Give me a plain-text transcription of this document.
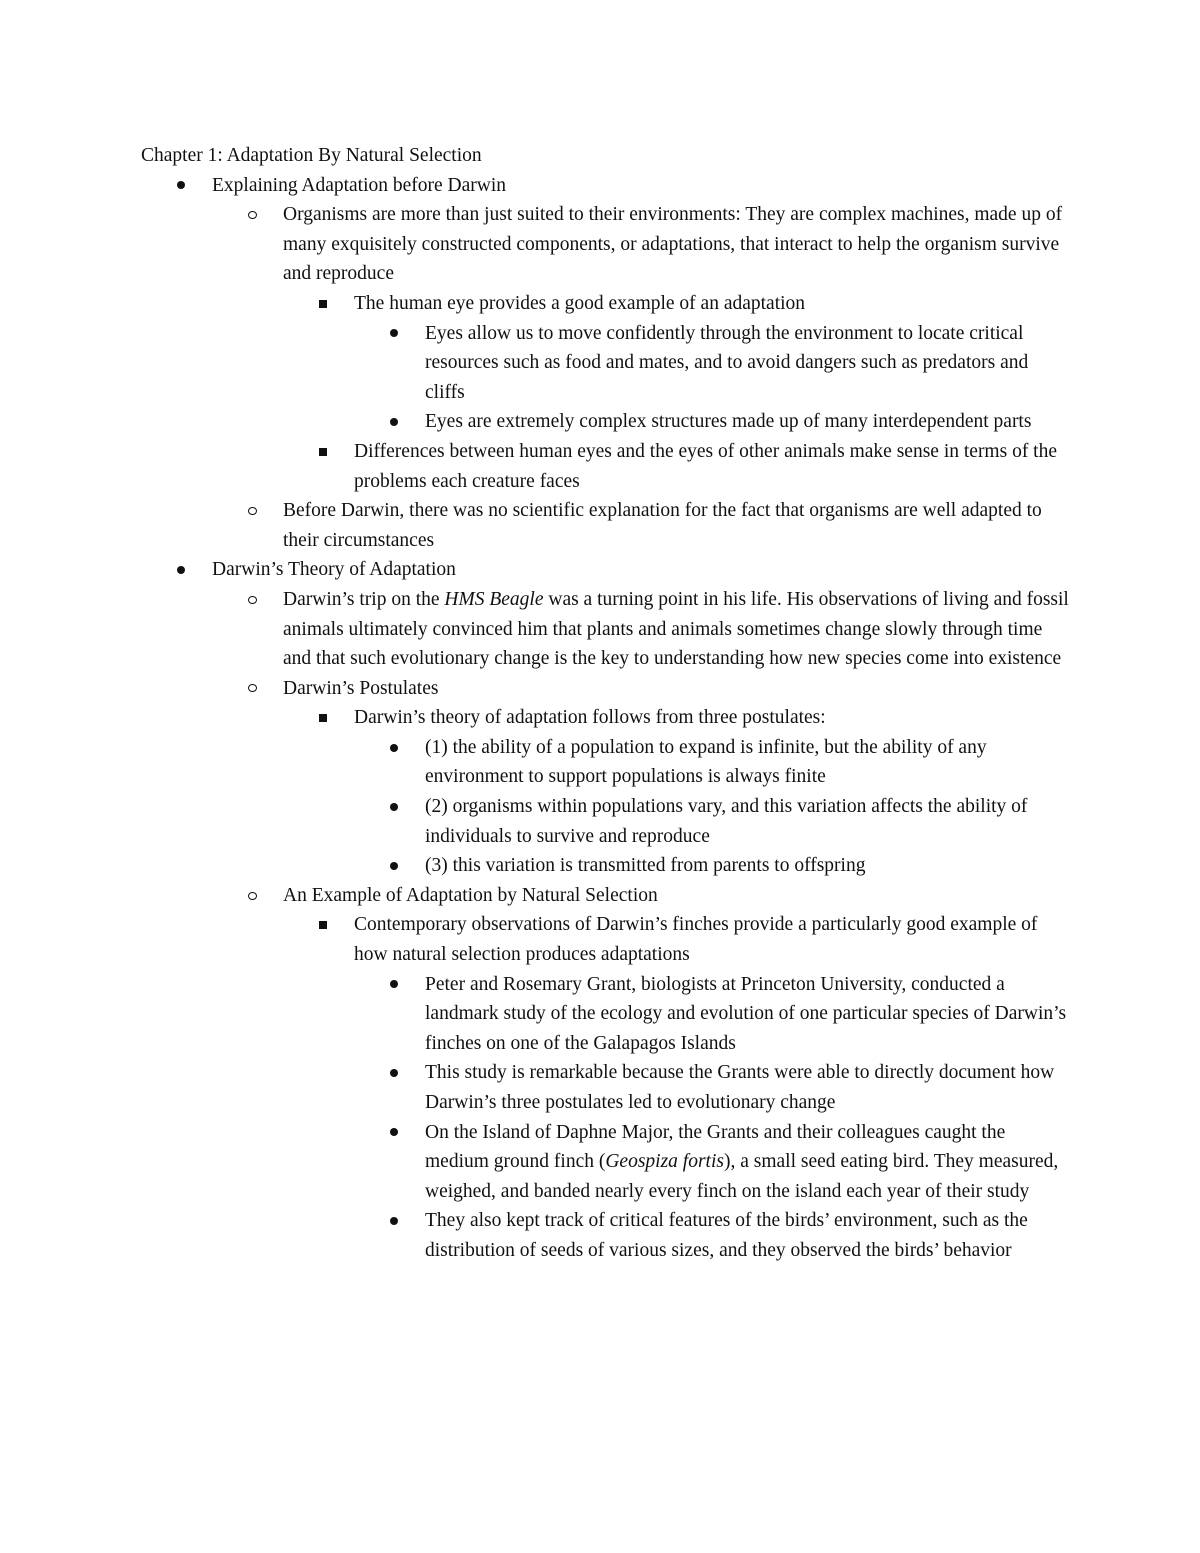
Chapter 1: Adaptation By Natural Selection
Explaining Adaptation before Darwin
Organisms are more than just suited to their environments: They are complex machines, made up of many exquisitely constructed components, or adaptations, that interact to help the organism survive and reproduce
The human eye provides a good example of an adaptation
Eyes allow us to move confidently through the environment to locate critical resources such as food and mates, and to avoid dangers such as predators and cliffs
Eyes are extremely complex structures made up of many interdependent parts
Differences between human eyes and the eyes of other animals make sense in terms of the problems each creature faces
Before Darwin, there was no scientific explanation for the fact that organisms are well adapted to their circumstances
Darwin’s Theory of Adaptation
Darwin’s trip on the HMS Beagle was a turning point in his life. His observations of living and fossil animals ultimately convinced him that plants and animals sometimes change slowly through time and that such evolutionary change is the key to understanding how new species come into existence
Darwin’s Postulates
Darwin’s theory of adaptation follows from three postulates:
(1) the ability of a population to expand is infinite, but the ability of any environment to support populations is always finite
(2) organisms within populations vary, and this variation affects the ability of individuals to survive and reproduce
(3) this variation is transmitted from parents to offspring
An Example of Adaptation by Natural Selection
Contemporary observations of Darwin’s finches provide a particularly good example of how natural selection produces adaptations
Peter and Rosemary Grant, biologists at Princeton University, conducted a landmark study of the ecology and evolution of one particular species of Darwin’s finches on one of the Galapagos Islands
This study is remarkable because the Grants were able to directly document how Darwin’s three postulates led to evolutionary change
On the Island of Daphne Major, the Grants and their colleagues caught the medium ground finch (Geospiza fortis), a small seed eating bird. They measured, weighed, and banded nearly every finch on the island each year of their study
They also kept track of critical features of the birds’ environment, such as the distribution of seeds of various sizes, and they observed the birds’ behavior
